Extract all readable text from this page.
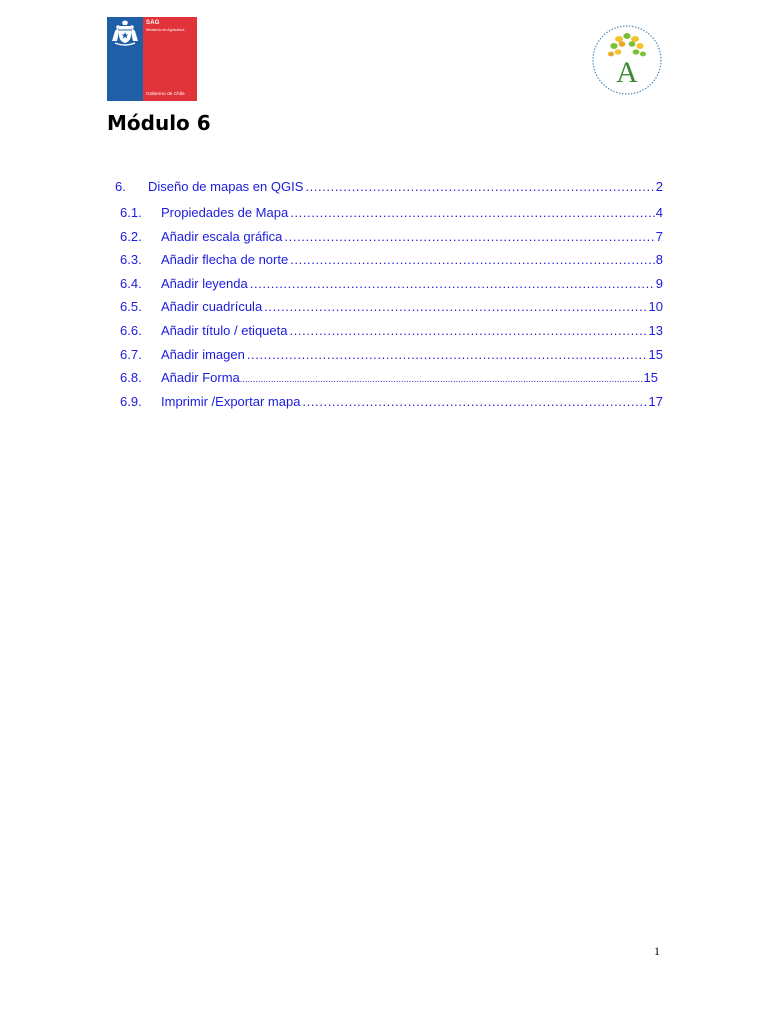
SAG
Ministerio de Agricultura
Gobierno de Chile
A
Módulo 6
6.	Diseño de mapas en QGIS .....	2
6.1.	Propiedades de Mapa .....	4
6.2.	Añadir escala gráfica .....	7
6.3.	Añadir flecha de norte .....	8
6.4.	Añadir leyenda .....	9
6.5.	Añadir cuadrícula .....	10
6.6.	Añadir título / etiqueta .....	13
6.7.	Añadir imagen .....	15
6.8.	Añadir Forma .....	15
6.9.	Imprimir /Exportar mapa .....	17
1
